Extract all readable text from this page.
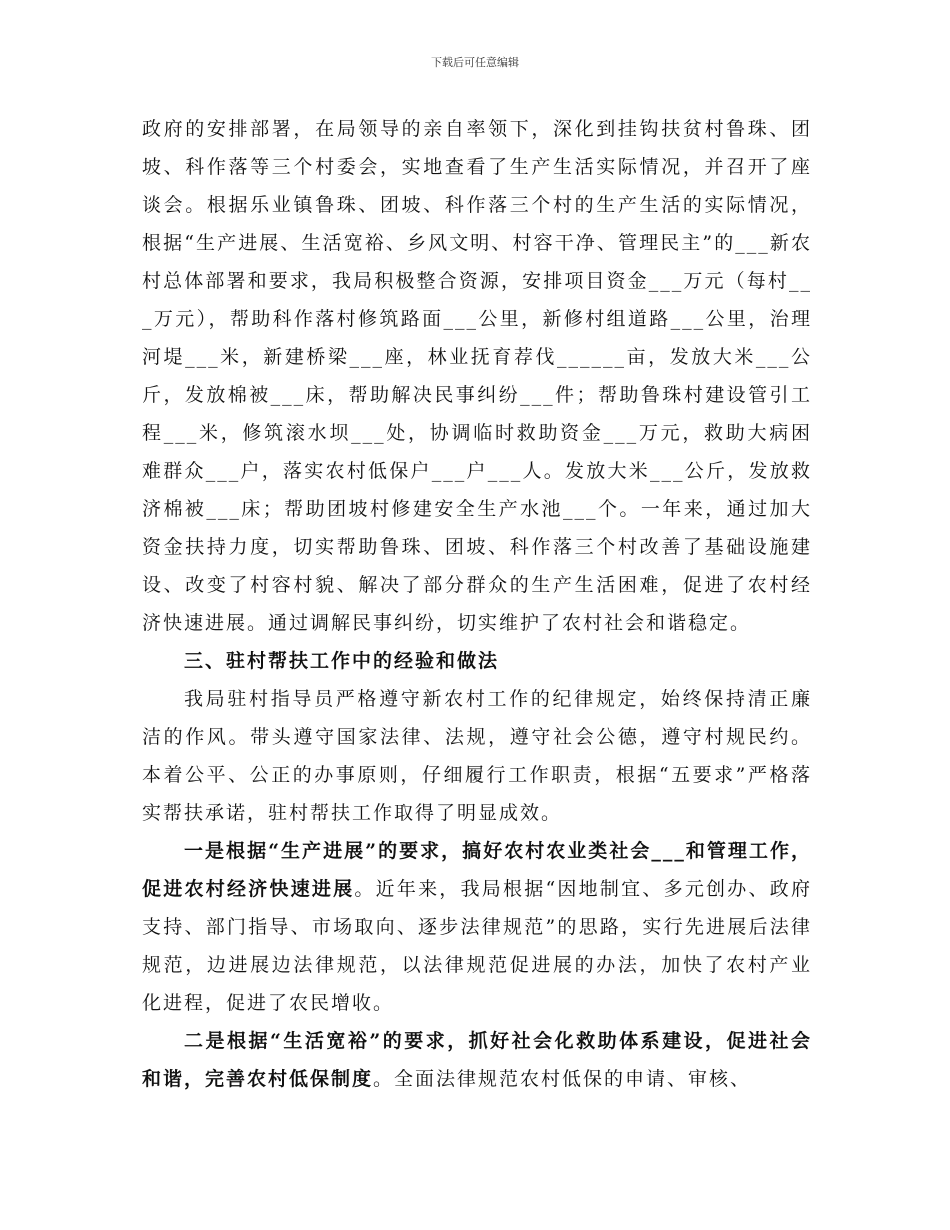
下载后可任意编辑

政府的安排部署，在局领导的亲自率领下，深化到挂钩扶贫村鲁珠、团坡、科作落等三个村委会，实地查看了生产生活实际情况，并召开了座谈会。根据乐业镇鲁珠、团坡、科作落三个村的生产生活的实际情况，根据“生产进展、生活宽裕、乡风文明、村容干净、管理民主”的___新农村总体部署和要求，我局积极整合资源，安排项目资金___万元（每村___万元），帮助科作落村修筑路面___公里，新修村组道路___公里，治理河堤___米，新建桥梁___座，林业抚育荐伐______亩，发放大米___公斤，发放棉被___床，帮助解决民事纠纷___件；帮助鲁珠村建设管引工程___米，修筑滚水坝___处，协调临时救助资金___万元，救助大病困难群众___户，落实农村低保户___户___人。发放大米___公斤，发放救济棉被___床；帮助团坡村修建安全生产水池___个。一年来，通过加大资金扶持力度，切实帮助鲁珠、团坡、科作落三个村改善了基础设施建设、改变了村容村貌、解决了部分群众的生产生活困难，促进了农村经济快速进展。通过调解民事纠纷，切实维护了农村社会和谐稳定。

三、驻村帮扶工作中的经验和做法

我局驻村指导员严格遵守新农村工作的纪律规定，始终保持清正廉洁的作风。带头遵守国家法律、法规，遵守社会公德，遵守村规民约。本着公平、公正的办事原则，仔细履行工作职责，根据“五要求”严格落实帮扶承诺，驻村帮扶工作取得了明显成效。

一是根据“生产进展”的要求，搞好农村农业类社会___和管理工作，促进农村经济快速进展。近年来，我局根据“因地制宜、多元创办、政府支持、部门指导、市场取向、逐步法律规范”的思路，实行先进展后法律规范，边进展边法律规范，以法律规范促进展的办法，加快了农村产业化进程，促进了农民增收。

二是根据“生活宽裕”的要求，抓好社会化救助体系建设，促进社会和谐，完善农村低保制度。全面法律规范农村低保的申请、审核、
